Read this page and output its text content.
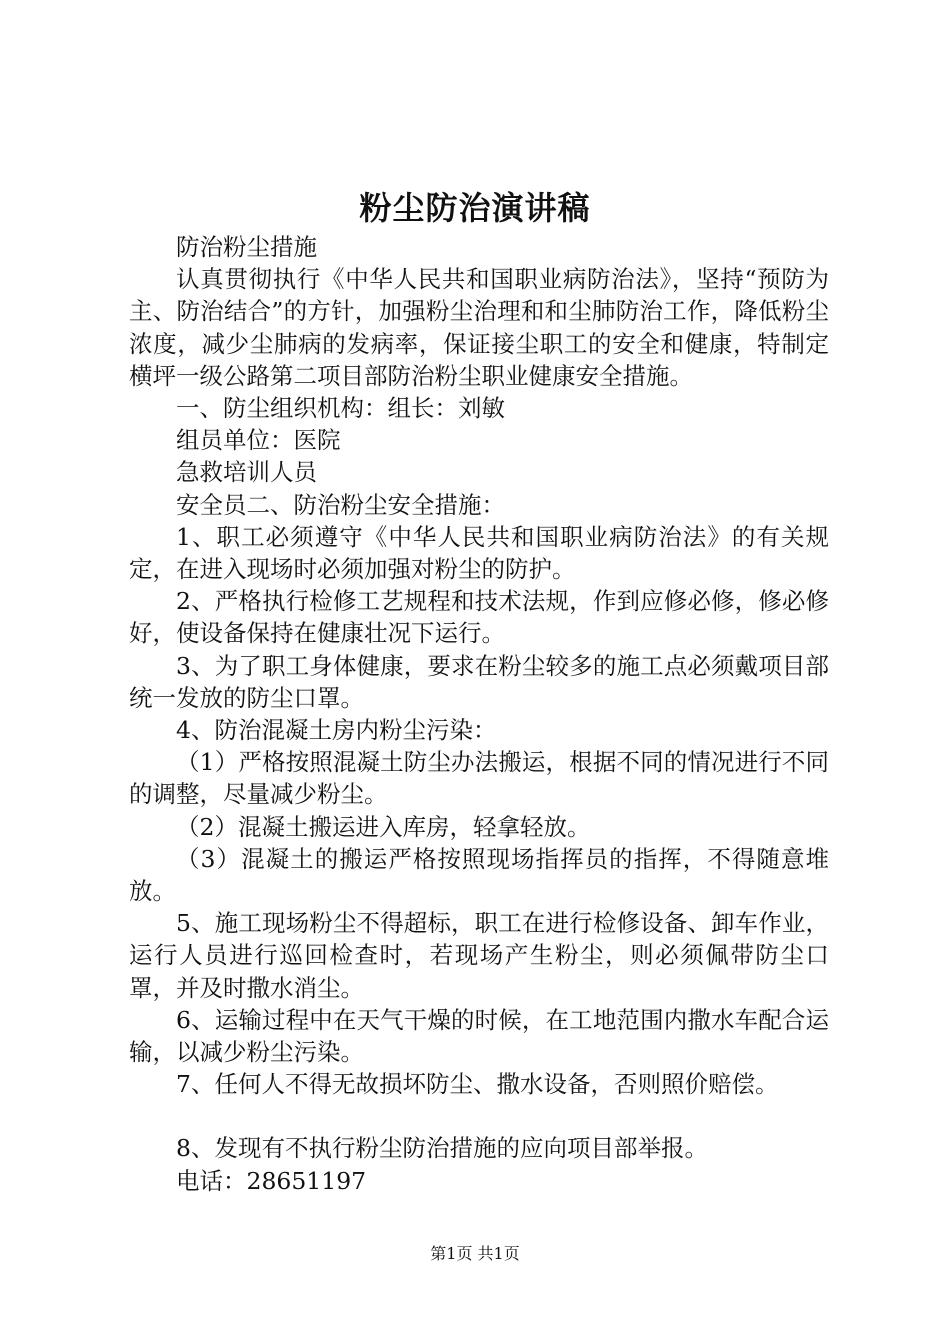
粉尘防治演讲稿

防治粉尘措施

认真贯彻执行《中华人民共和国职业病防治法》，坚持“预防为主、防治结合”的方针，加强粉尘治理和和尘肺防治工作，降低粉尘浓度，减少尘肺病的发病率，保证接尘职工的安全和健康，特制定横坪一级公路第二项目部防治粉尘职业健康安全措施。

一、防尘组织机构：组长：刘敏

组员单位：医院

急救培训人员

安全员二、防治粉尘安全措施：

1、职工必须遵守《中华人民共和国职业病防治法》的有关规定，在进入现场时必须加强对粉尘的防护。

2、严格执行检修工艺规程和技术法规，作到应修必修，修必修好，使设备保持在健康壮况下运行。

3、为了职工身体健康，要求在粉尘较多的施工点必须戴项目部统一发放的防尘口罩。

4、防治混凝土房内粉尘污染：

（1）严格按照混凝土防尘办法搬运，根据不同的情况进行不同的调整，尽量减少粉尘。

（2）混凝土搬运进入库房，轻拿轻放。

（3）混凝土的搬运严格按照现场指挥员的指挥，不得随意堆放。

5、施工现场粉尘不得超标，职工在进行检修设备、卸车作业，运行人员进行巡回检查时，若现场产生粉尘，则必须佩带防尘口罩，并及时撒水消尘。

6、运输过程中在天气干燥的时候，在工地范围内撒水车配合运输，以减少粉尘污染。

7、任何人不得无故损坏防尘、撒水设备，否则照价赔偿。

8、发现有不执行粉尘防治措施的应向项目部举报。

电话：28651197

第1页 共1页
